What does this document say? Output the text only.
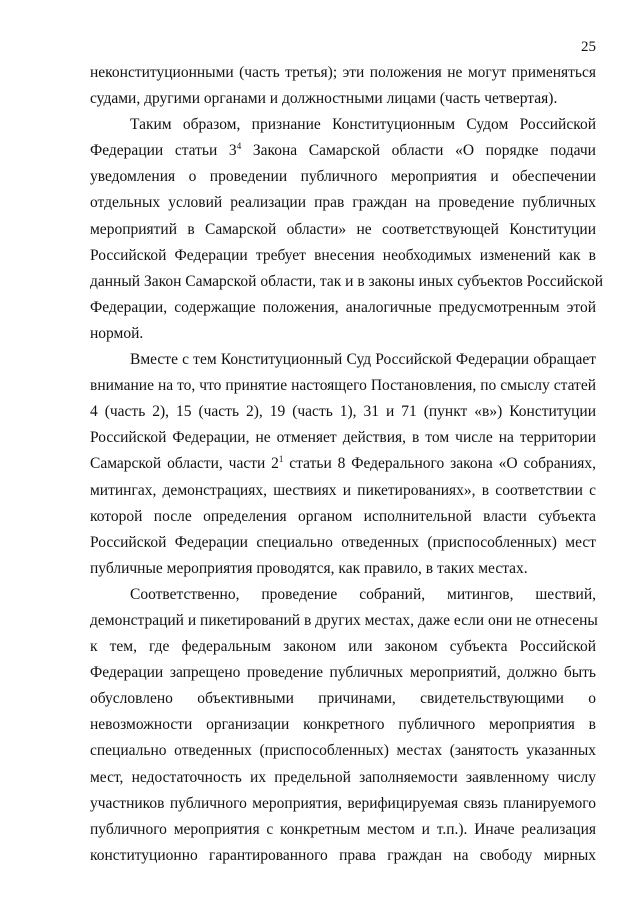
25
неконституционными (часть третья); эти положения не могут применяться
судами, другими органами и должностными лицами (часть четвертая).
Таким образом, признание Конституционным Судом Российской
Федерации статьи $3^4$ Закона Самарской области «О порядке подачи
уведомления о проведении публичного мероприятия и обеспечении
отдельных условий реализации прав граждан на проведение публичных
мероприятий в Самарской области» не соответствующей Конституции
Российской Федерации требует внесения необходимых изменений как в
данный Закон Самарской области, так и в законы иных субъектов Российской
Федерации, содержащие положения, аналогичные предусмотренным этой
нормой.
Вместе с тем Конституционный Суд Российской Федерации обращает
внимание на то, что принятие настоящего Постановления, по смыслу статей
4 (часть 2), 15 (часть 2), 19 (часть 1), 31 и 71 (пункт «в») Конституции
Российской Федерации, не отменяет действия, в том числе на территории
Самарской области, части $2^1$ статьи 8 Федерального закона «О собраниях,
митингах, демонстрациях, шествиях и пикетированиях», в соответствии с
которой после определения органом исполнительной власти субъекта
Российской Федерации специально отведенных (приспособленных) мест
публичные мероприятия проводятся, как правило, в таких местах.
Соответственно, проведение собраний, митингов, шествий,
демонстраций и пикетирований в других местах, даже если они не отнесены
к тем, где федеральным законом или законом субъекта Российской
Федерации запрещено проведение публичных мероприятий, должно быть
обусловлено объективными причинами, свидетельствующими о
невозможности организации конкретного публичного мероприятия в
специально отведенных (приспособленных) местах (занятость указанных
мест, недостаточность их предельной заполняемости заявленному числу
участников публичного мероприятия, верифицируемая связь планируемого
публичного мероприятия с конкретным местом и т.п.). Иначе реализация
конституционно гарантированного права граждан на свободу мирных
